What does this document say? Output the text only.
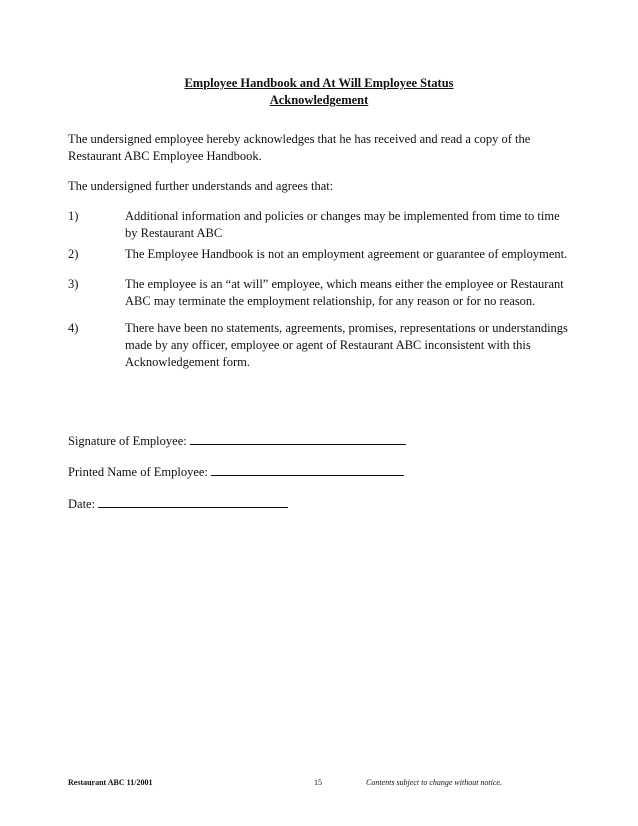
Employee Handbook and At Will Employee Status
Acknowledgement
The undersigned employee hereby acknowledges that he has received and read a copy of the
Restaurant ABC Employee Handbook.
The undersigned further understands and agrees that:
1)	Additional information and policies or changes may be implemented from time to time
by Restaurant ABC
2)	The Employee Handbook is not an employment agreement or guarantee of employment.
3)	The employee is an “at will” employee, which means either the employee or Restaurant
ABC may terminate the employment relationship, for any reason or for no reason.
4)	There have been no statements, agreements, promises, representations or understandings
made by any officer, employee or agent of Restaurant ABC inconsistent with this
Acknowledgement form.
Signature of Employee:
Printed Name of Employee:
Date:
Restaurant ABC 11/2001	15	Contents subject to change without notice.
